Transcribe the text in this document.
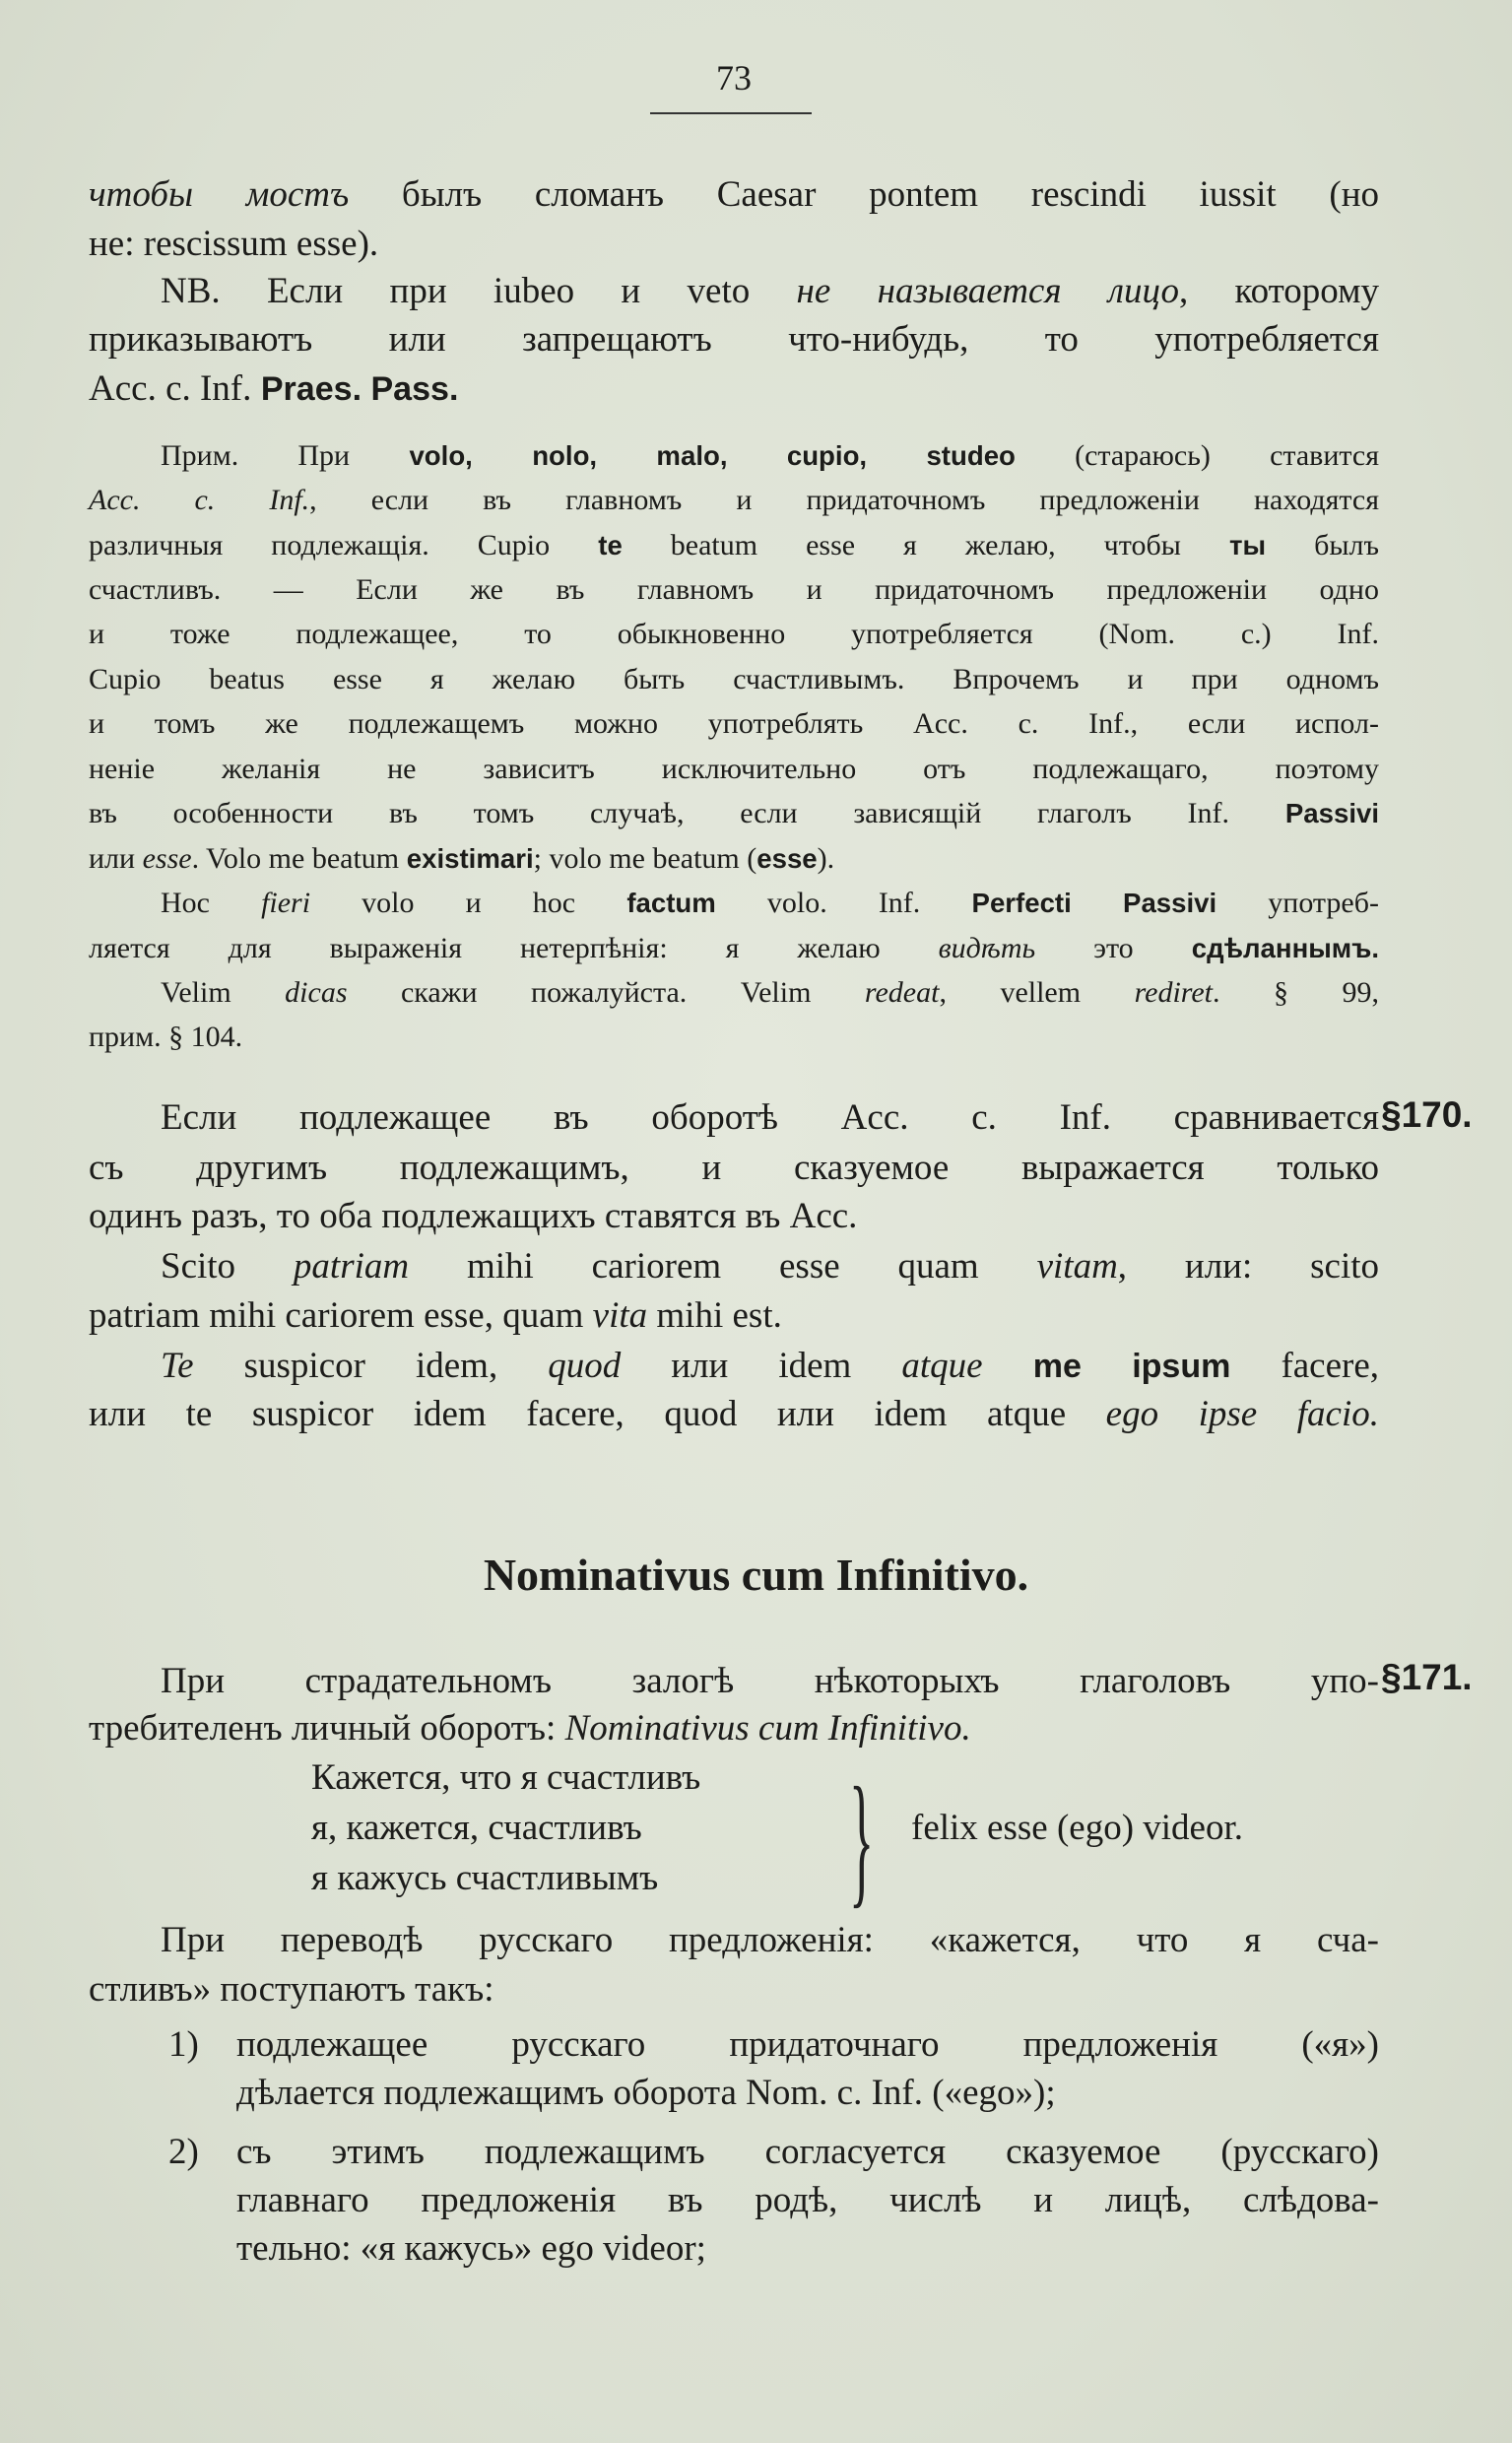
73
чтобы мостъ былъ сломанъ Caesar pontem rescindi iussit (но
не: rescissum esse).
NB. Если при iubeo и veto не называется лицо, которому
приказываютъ или запрещаютъ что-нибудь, то употребляется
Acc. c. Inf. Praes. Pass.
Прим. При volo, nolo, malo, cupio, studeo (стараюсь) ставится
Acc. c. Inf., если въ главномъ и придаточномъ предложеніи находятся
различныя подлежащія. Cupio te beatum esse я желаю, чтобы ты былъ
счастливъ. — Если же въ главномъ и придаточномъ предложеніи одно
и тоже подлежащее, то обыкновенно употребляется (Nom. c.) Inf.
Cupio beatus esse я желаю быть счастливымъ. Впрочемъ и при одномъ
и томъ же подлежащемъ можно употреблять Acc. c. Inf., если испол-
неніе желанія не зависитъ исключительно отъ подлежащаго, поэтому
въ особенности въ томъ случаѣ, если зависящій глаголъ Inf. Passivi
или esse. Volo me beatum existimari; volo me beatum (esse).
Hoc fieri volo и hoc factum volo. Inf. Perfecti Passivi употреб-
ляется для выраженія нетерпѣнія: я желаю видѣть это сдѣланнымъ.
Velim dicas скажи пожалуйста. Velim redeat, vellem rediret. § 99,
прим. § 104.
§170.
Если подлежащее въ оборотѣ Acc. c. Inf. сравнивается
съ другимъ подлежащимъ, и сказуемое выражается только
одинъ разъ, то оба подлежащихъ ставятся въ Acc.
Scito patriam mihi cariorem esse quam vitam, или: scito
patriam mihi cariorem esse, quam vita mihi est.
Te suspicor idem, quod или idem atque me ipsum facere,
или te suspicor idem facere, quod или idem atque ego ipse facio.
Nominativus cum Infinitivo.
§171.
При страдательномъ залогѣ нѣкоторыхъ глаголовъ упо-
требителенъ личный оборотъ: Nominativus cum Infinitivo.
Кажется, что я счастливъ
я, кажется, счастливъ
я кажусь счастливымъ } felix esse (ego) videor.
При переводѣ русскаго предложенія: «кажется, что я сча-
стливъ» поступаютъ такъ:
1) подлежащее русскаго придаточнаго предложенія («я»)
дѣлается подлежащимъ оборота Nom. c. Inf. («ego»);
2) съ этимъ подлежащимъ согласуется сказуемое (русскаго)
главнаго предложенія въ родѣ, числѣ и лицѣ, слѣдова-
тельно: «я кажусь» ego videor;
